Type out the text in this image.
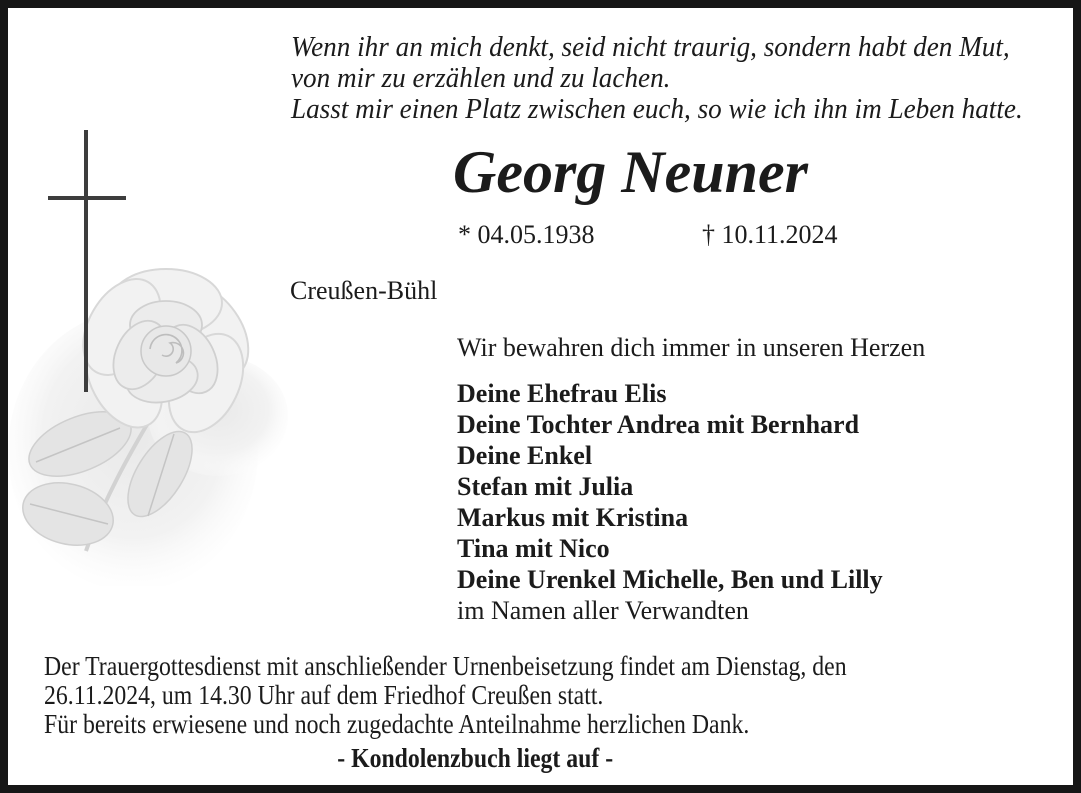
Wenn ihr an mich denkt, seid nicht traurig, sondern habt den Mut,
von mir zu erzählen und zu lachen.
Lasst mir einen Platz zwischen euch, so wie ich ihn im Leben hatte.
Georg Neuner
* 04.05.1938	† 10.11.2024
Creußen-Bühl
Wir bewahren dich immer in unseren Herzen
Deine Ehefrau Elis
Deine Tochter Andrea mit Bernhard
Deine Enkel
Stefan mit Julia
Markus mit Kristina
Tina mit Nico
Deine Urenkel Michelle, Ben und Lilly
im Namen aller Verwandten
Der Trauergottesdienst mit anschließender Urnenbeisetzung findet am Dienstag, den
26.11.2024, um 14.30 Uhr auf dem Friedhof Creußen statt.
Für bereits erwiesene und noch zugedachte Anteilnahme herzlichen Dank.
- Kondolenzbuch liegt auf -
